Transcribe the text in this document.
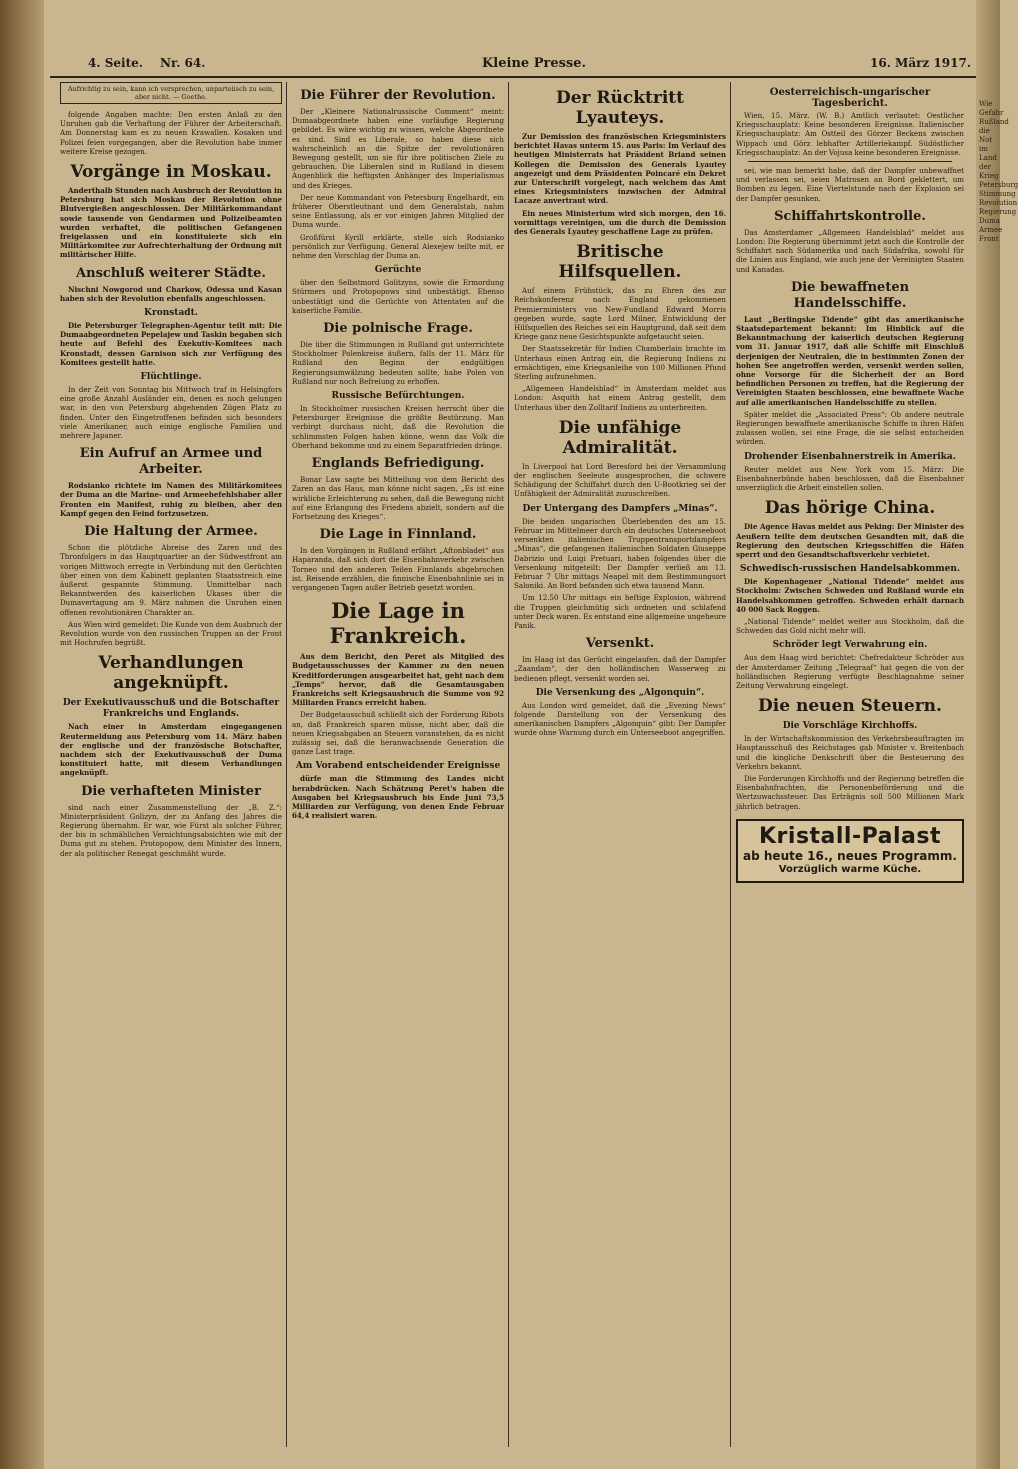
4. Seite. Nr. 64.	Kleine Presse.	16. März 1917.
Aufrichtig zu sein, kann ich versprechen, unparteiisch zu sein, aber nicht. — Goethe.

folgende Angaben machte: Den ersten Anlaß zu den Unruhen gab die Verhaftung der Führer der Arbeiterschaft. Am Donnerstag kam es zu neuen Krawallen. Kosaken und Polizei feien vorgegangen, aber die Revolution habe immer weitere Kreise gezogen.

Vorgänge in Moskau.

Anderthalb Stunden nach Ausbruch der Revolution in Petersburg hat sich Moskau der Revolution ohne Blutvergießen angeschlossen. Der Militärkommandant sowie tausende von Gendarmen und Polizeibeamten wurden verhaftet, die politischen Gefangenen freigelassen und ein konstituierte sich ein Militärkomitee zur Aufrechterhaltung der Ordnung mit militärischer Hilfe.

Anschluß weiterer Städte.

Nischni Nowgorod und Charkow, Odessa und Kasan haben sich der Revolution ebenfalls angeschlossen.

Kronstadt.

Die Petersburger Telegraphen-Agentur teilt mit: Die Dumaabgeordneten Pepelajew und Taskin begaben sich heute auf Befehl des Exekutiv-Komitees nach Kronstadt, dessen Garnison sich zur Verfügung des Komitees gestellt hatte.

Flüchtlinge.

In der Zeit von Sonntag bis Mittwoch traf in Helsingfors eine große Anzahl Ausländer ein, denen es noch gelungen war, in den von Petersburg abgehenden Zügen Platz zu finden. Unter den Eingetroffenen befinden sich besonders viele Amerikaner, auch einige englische Familien und mehrere Japaner.

Ein Aufruf an Armee und Arbeiter.

Rodsianko richtete im Namen des Militärkomitees der Duma an die Marine- und Armeebefehlshaber aller Fronten ein Manifest, ruhig zu bleiben, aber den Kampf gegen den Feind fortzusetzen.

Die Haltung der Armee.

Schon die plötzliche Abreise des Zaren und des Thronfolgers in das Hauptquartier an der Südwestfront am vorigen Mittwoch erregte in Verbindung mit den Gerüchten über einen von dem Kabinett geplanten Staatsstreich eine äußerst gespannte Stimmung. Unmittelbar nach Bekanntwerden des kaiserlichen Ukases über die Dumavertagung am 9. März nahmen die Unruhen einen offenen revolutionären Charakter an.

Aus Wien wird gemeldet: Die Kunde von dem Ausbruch der Revolution wurde von den russischen Truppen an der Front mit Hochrufen begrüßt.

Verhandlungen angeknüpft.
Der Exekutivausschuß und die Botschafter Frankreichs und Englands.

Nach einer in Amsterdam eingegangenen Reutermeldung aus Petersburg vom 14. März haben der englische und der französische Botschafter, nachdem sich der Exekutivausschuß der Duma konstituiert hatte, mit diesem Verhandlungen angeknüpft.

Die verhafteten Minister

sind nach einer Zusammenstellung der „B. Z.“: Ministerpräsident Golizyn, der zu Anfang des Jahres die Regierung übernahm. Er war, wie Fürst als solcher Führer, der bis in schmählichen Vernichtungsabsichten wie mit der Duma gut zu stehen. Protopopow, dem Minister des Innern, der als politischer Renegat geschmäht wurde.

Die Führer der Revolution.

Der „Kleinere Nationalrussische Comment“ meint: Dumaabgeordnete haben eine vorläufige Regierung gebildet. Es wäre wichtig zu wissen, welche Abgeordnete es sind. Sind es Liberale, so haben diese sich wahrscheinlich an die Spitze der revolutionären Bewegung gestellt, um sie für ihre politischen Ziele zu gebrauchen. Die Liberalen sind in Rußland in diesem Augenblick die heftigsten Anhänger des Imperialismus und des Krieges.

Der neue Kommandant von Petersburg Engelhardt, ein früherer Oberstleutnant und dem Generalstab, nahm seine Entlassung, als er vor einigen Jahren Mitglied der Duma wurde.

Großfürst Kyrill erklärte, stelle sich Rodsianko persönlich zur Verfügung. General Alexejew teilte mit, er nehme den Vorschlag der Duma an.

Gerüchte

über den Selbstmord Golitzyns, sowie die Ermordung Stürmers und Protopopows sind unbestätigt. Ebenso unbestätigt sind die Gerüchte von Attentaten auf die kaiserliche Familie.

Die polnische Frage.

Die über die Stimmungen in Rußland gut unterrichtete Stockholmer Polenkreise äußern, falls der 11. März für Rußland den Beginn der endgültigen Regierungsumwälzung bedeuten sollte, habe Polen von Rußland nur noch Befreiung zu erhoffen.

Russische Befürchtungen.

In Stockholmer russischen Kreisen herrscht über die Petersburger Ereignisse die größte Bestürzung. Man verbirgt durchaus nicht, daß die Revolution die schlimmsten Folgen haben könne, wenn das Volk die Oberhand bekomme und zu einem Separatfrieden dränge.

Englands Befriedigung.

Bonar Law sagte bei Mitteilung von dem Bericht des Zaren an das Haus, man könne nicht sagen, „Es ist eine wirkliche Erleichterung zu sehen, daß die Bewegung nicht auf eine Erlangung des Friedens abzielt, sondern auf die Fortsetzung des Krieges“.

Die Lage in Finnland.

In den Vorgängen in Rußland erfährt „Aftonbladet“ aus Haparanda, daß sich dort die Eisenbahnverkehr zwischen Torneo und den anderen Teilen Finnlands abgebrochen ist. Reisende erzählen, die finnische Eisenbahnlinie sei in vergangenen Tagen außer Betrieb gesetzt worden.

Die Lage in Frankreich.

Aus dem Bericht, den Peret als Mitglied des Budgetausschusses der Kammer zu den neuen Kreditforderungen ausgearbeitet hat, geht nach dem „Temps“ hervor, daß die Gesamtausgaben Frankreichs seit Kriegsausbruch die Summe von 92 Milliarden Francs erreicht haben.

Der Budgetausschuß schließt sich der Forderung Ribots an, daß Frankreich sparen müsse, nicht aber, daß die neuen Kriegsabgaben an Steuern voranstehen, da es nicht zulässig sei, daß die heranwachsende Generation die ganze Last trage.

Am Vorabend entscheidender Ereignisse

dürfe man die Stimmung des Landes nicht herabdrücken. Nach Schätzung Peret's haben die Ausgaben bei Kriegsausbruch bis Ende Juni 73,5 Milliarden zur Verfügung, von denen Ende Februar 64,4 realisiert waren.

Der Rücktritt Lyauteys.

Zur Demission des französischen Kriegsministers berichtet Havas unterm 15. aus Paris: Im Verlauf des heutigen Ministerrats hat Präsident Briand seinen Kollegen die Demission des Generals Lyautey angezeigt und dem Präsidenten Poincaré ein Dekret zur Unterschrift vorgelegt, nach welchem das Amt eines Kriegsministers inzwischen der Admiral Lacaze anvertraut wird.

Ein neues Ministerium wird sich morgen, den 16. vormittags vereinigen, um die durch die Demission des Generals Lyautey geschaffene Lage zu prüfen.

Britische Hilfsquellen.

Auf einem Frühstück, das zu Ehren des zur Reichskonferenz nach England gekommenen Premierministers von New-Fundland Edward Morris gegeben wurde, sagte Lord Milner, Entwicklung der Hilfsquellen des Reiches sei ein Hauptgrund, daß seit dem Kriege ganz neue Gesichtspunkte aufgetaucht seien.

Der Staatssekretär für Indien Chamberlain brachte im Unterhaus einen Antrag ein, die Regierung Indiens zu ermächtigen, eine Kriegsanleihe von 100 Millionen Pfund Sterling aufzunehmen.

„Allgemeen Handelsblad“ in Amsterdam meldet aus London: Asquith hat einem Antrag gestellt, dem Unterhaus über den Zolltarif Indiens zu unterbreiten.

Die unfähige Admiralität.

In Liverpool hat Lord Beresford bei der Versammlung der englischen Seeleute ausgesprochen, die schwere Schädigung der Schiffahrt durch den U-Bootkrieg sei der Unfähigkeit der Admiralität zuzuschreiben.

Der Untergang des Dampfers „Minas“.

Die beiden ungarischen Überlebenden des am 15. Februar im Mittelmeer durch ein deutsches Unterseeboot versenkten italienischen Truppentransportdampfers „Minas“, die gefangenen italienischen Soldaten Giuseppe Dabrizio und Luigi Pretuari, haben folgendes über die Versenkung mitgeteilt: Der Dampfer verließ am 13. Februar 7 Uhr mittags Neapel mit dem Bestimmungsort Saloniki. An Bord befanden sich etwa tausend Mann.

Um 12.50 Uhr mittags ein heftige Explosion, während die Truppen gleichmütig sich ordneten und schlafend unter Deck waren. Es entstand eine allgemeine ungeheure Panik.

Versenkt.

Im Haag ist das Gerücht eingelaufen, daß der Dampfer „Zaandam“, der den holländischen Wasserweg zu bedienen pflegt, versenkt worden sei.

Die Versenkung des „Algonquin“.

Aus London wird gemeldet, daß die „Evening News“ folgende Darstellung von der Versenkung des amerikanischen Dampfers „Algonquin“ gibt: Der Dampfer wurde ohne Warnung durch ein Unterseeboot angegriffen.

Oesterreichisch-ungarischer Tagesbericht.

Wien, 15. März. (W. B.) Amtlich verlautet: Oestlicher Kriegsschauplatz: Keine besonderen Ereignisse. Italienischer Kriegsschauplatz: Am Ostteil des Görzer Beckens zwischen Wippach und Görz lebhafter Artilleriekampf. Südöstlicher Kriegsschauplatz: An der Vojusa keine besonderen Ereignisse.

sei, wie man bemerkt habe, daß der Dampfer unbewaffnet und verlassen sei, seien Matrosen an Bord geklettert, um Bomben zu legen. Eine Viertelstunde nach der Explosion sei der Dampfer gesunken.

Schiffahrtskontrolle.

Das Amsterdamer „Allgemeen Handelsblad“ meldet aus London: Die Regierung übernimmt jetzt auch die Kontrolle der Schiffahrt nach Südamerika und nach Südafrika, sowohl für die Linien aus England, wie auch jene der Vereinigten Staaten und Kanadas.

Die bewaffneten Handelsschiffe.

Laut „Berlingske Tidende“ gibt das amerikanische Staatsdepartement bekannt: Im Hinblick auf die Bekanntmachung der kaiserlich deutschen Regierung vom 31. Januar 1917, daß alle Schiffe mit Einschluß derjenigen der Neutralen, die in bestimmten Zonen der hohen See angetroffen werden, versenkt werden sollen, ohne Vorsorge für die Sicherheit der an Bord befindlichen Personen zu treffen, hat die Regierung der Vereinigten Staaten beschlossen, eine bewaffnete Wache auf alle amerikanischen Handelsschiffe zu stellen.

Später meldet die „Associated Press“: Ob andere neutrale Regierungen bewaffnete amerikanische Schiffe in ihren Häfen zulassen wollen, sei eine Frage, die sie selbst entscheiden würden.

Drohender Eisenbahnerstreik in Amerika.

Reuter meldet aus New York vom 15. März: Die Eisenbahnerbünde haben beschlossen, daß die Eisenbahner unverzüglich die Arbeit einstellen sollen.

Das hörige China.

Die Agence Havas meldet aus Peking: Der Minister des Aeußern teilte dem deutschen Gesandten mit, daß die Regierung den deutschen Kriegsschiffen die Häfen sperrt und den Gesandtschaftsverkehr verbietet.

Schwedisch-russischen Handelsabkommen.

Die Kopenhagener „National Tidende“ meldet aus Stockholm: Zwischen Schweden und Rußland wurde ein Handelsabkommen getroffen. Schweden erhält darnach 40 000 Sack Roggen.

„National Tidende“ meldet weiter aus Stockholm, daß die Schweden das Gold nicht mehr will.

Schröder legt Verwahrung ein.

Aus dem Haag wird berichtet: Chefredakteur Schröder aus der Amsterdamer Zeitung „Telegraaf“ hat gegen die von der holländischen Regierung verfügte Beschlagnahme seiner Zeitung Verwahrung eingelegt.

Die neuen Steuern.
Die Vorschläge Kirchhoffs.

In der Wirtschaftskommission des Verkehrsbeauftragten im Hauptausschuß des Reichstages gab Minister v. Breitenbach und die kingliche Denkschrift über die Besteuerung des Verkehrs bekannt.

Die Forderungen Kirchhoffs und der Regierung betreffen die Eisenbahnfrachten, die Personenbeförderung und die Wertzuwachssteuer. Das Erträgnis soll 500 Millionen Mark jährlich betragen.

Kristall-Palast
ab heute 16., neues Programm.
Vorzüglich warme Küche.
Wie Gefahr Rußland die Not im Land der Krieg Petersburg Stimmung Revolution Regierung Duma Armee Front
